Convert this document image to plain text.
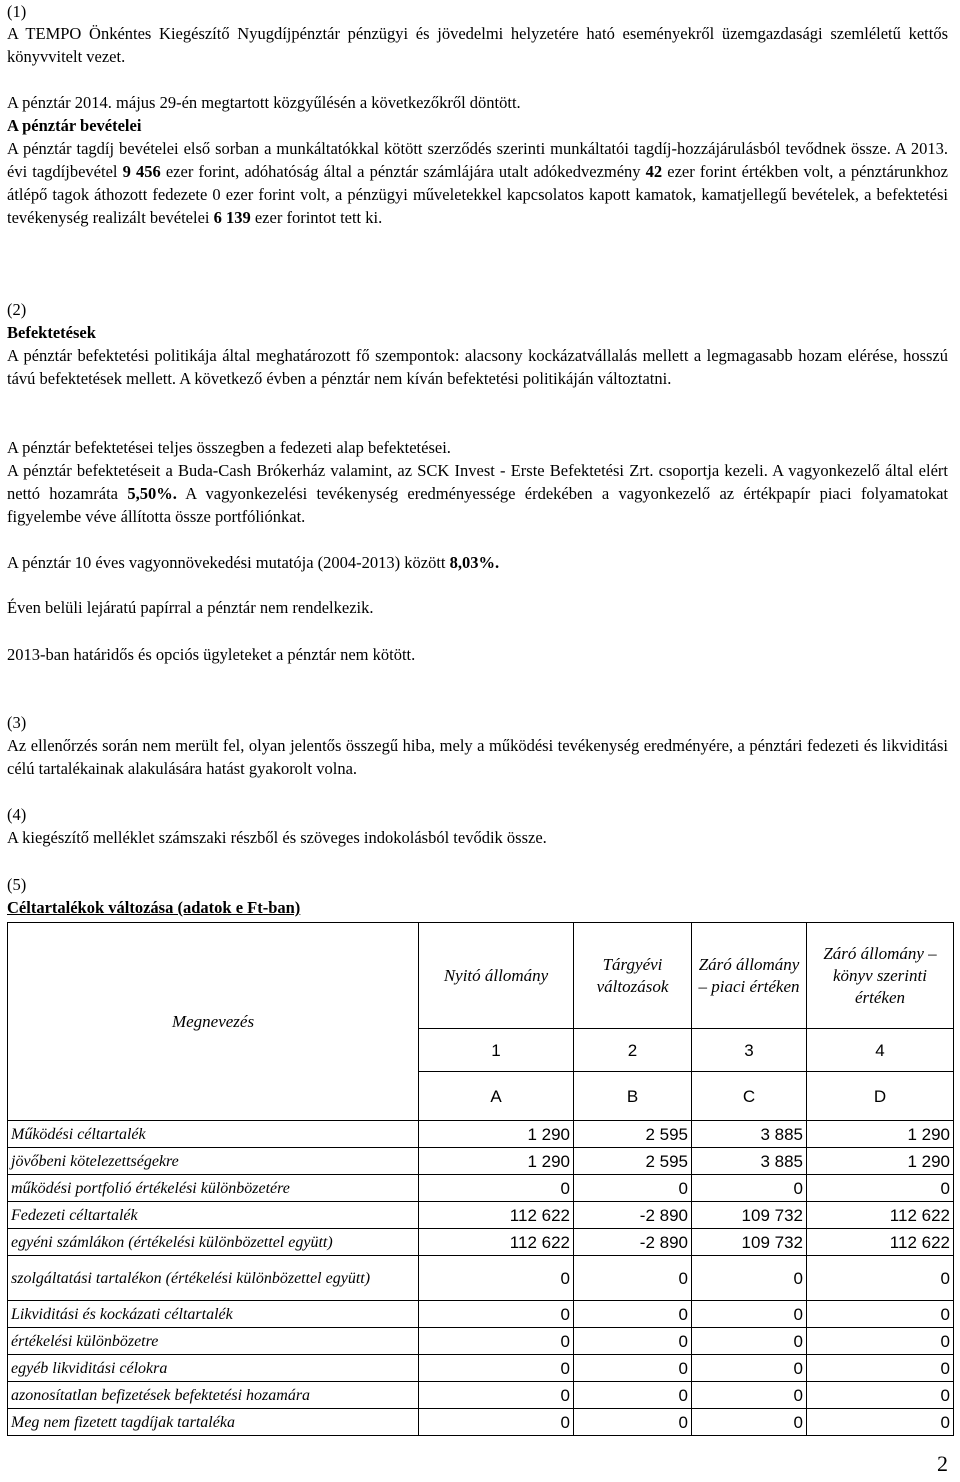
(1)

A TEMPO Önkéntes Kiegészítő Nyugdíjpénztár pénzügyi és jövedelmi helyzetére ható eseményekről üzemgazdasági szemléletű kettős könyvvitelt vezet.

A pénztár 2014. május 29-én megtartott közgyűlésén a következőkről döntött.

A pénztár bevételei

A pénztár tagdíj bevételei első sorban a munkáltatókkal kötött szerződés szerinti munkáltatói tagdíj-hozzájárulásból tevődnek össze. A 2013. évi tagdíjbevétel 9 456 ezer forint, adóhatóság által a pénztár számlájára utalt adókedvezmény 42 ezer forint értékben volt, a pénztárunkhoz átlépő tagok áthozott fedezete 0 ezer forint volt, a pénzügyi műveletekkel kapcsolatos kapott kamatok, kamatjellegű bevételek, a befektetési tevékenység realizált bevételei 6 139 ezer forintot tett ki.

(2)

Befektetések

A pénztár befektetési politikája által meghatározott fő szempontok: alacsony kockázatvállalás mellett a legmagasabb hozam elérése, hosszú távú befektetések mellett. A következő évben a pénztár nem kíván befektetési politikáján változtatni.

A pénztár befektetései teljes összegben a fedezeti alap befektetései.

A pénztár befektetéseit a Buda-Cash Brókerház valamint, az SCK Invest - Erste Befektetési Zrt. csoportja kezeli. A vagyonkezelő által elért nettó hozamráta 5,50%. A vagyonkezelési tevékenység eredményessége érdekében a vagyonkezelő az értékpapír piaci folyamatokat figyelembe véve állította össze portfóliónkat.

A pénztár 10 éves vagyonnövekedési mutatója (2004-2013) között 8,03%.

Éven belüli lejáratú papírral a pénztár nem rendelkezik.

2013-ban határidős és opciós ügyleteket a pénztár nem kötött.

(3)

Az ellenőrzés során nem merült fel, olyan jelentős összegű hiba, mely a működési tevékenység eredményére, a pénztári fedezeti és likviditási célú tartalékainak alakulására hatást gyakorolt volna.

(4)

A kiegészítő melléklet számszaki részből és szöveges indokolásból tevődik össze.

(5)

Céltartalékok változása (adatok e Ft-ban)

Megnevezés	Nyitó állomány	Tárgyévi változások	Záró állomány – piaci értéken	Záró állomány – könyv szerinti értéken
	1	2	3	4
	A	B	C	D
Működési céltartalék	1 290	2 595	3 885	1 290
jövőbeni kötelezettségekre	1 290	2 595	3 885	1 290
működési portfolió értékelési különbözetére	0	0	0	0
Fedezeti céltartalék	112 622	-2 890	109 732	112 622
egyéni számlákon (értékelési különbözettel együtt)	112 622	-2 890	109 732	112 622
szolgáltatási tartalékon (értékelési különbözettel együtt)	0	0	0	0
Likviditási és kockázati céltartalék	0	0	0	0
értékelési különbözetre	0	0	0	0
egyéb likviditási célokra	0	0	0	0
azonosítatlan befizetések befektetési hozamára	0	0	0	0
Meg nem fizetett tagdíjak tartaléka	0	0	0	0
2
